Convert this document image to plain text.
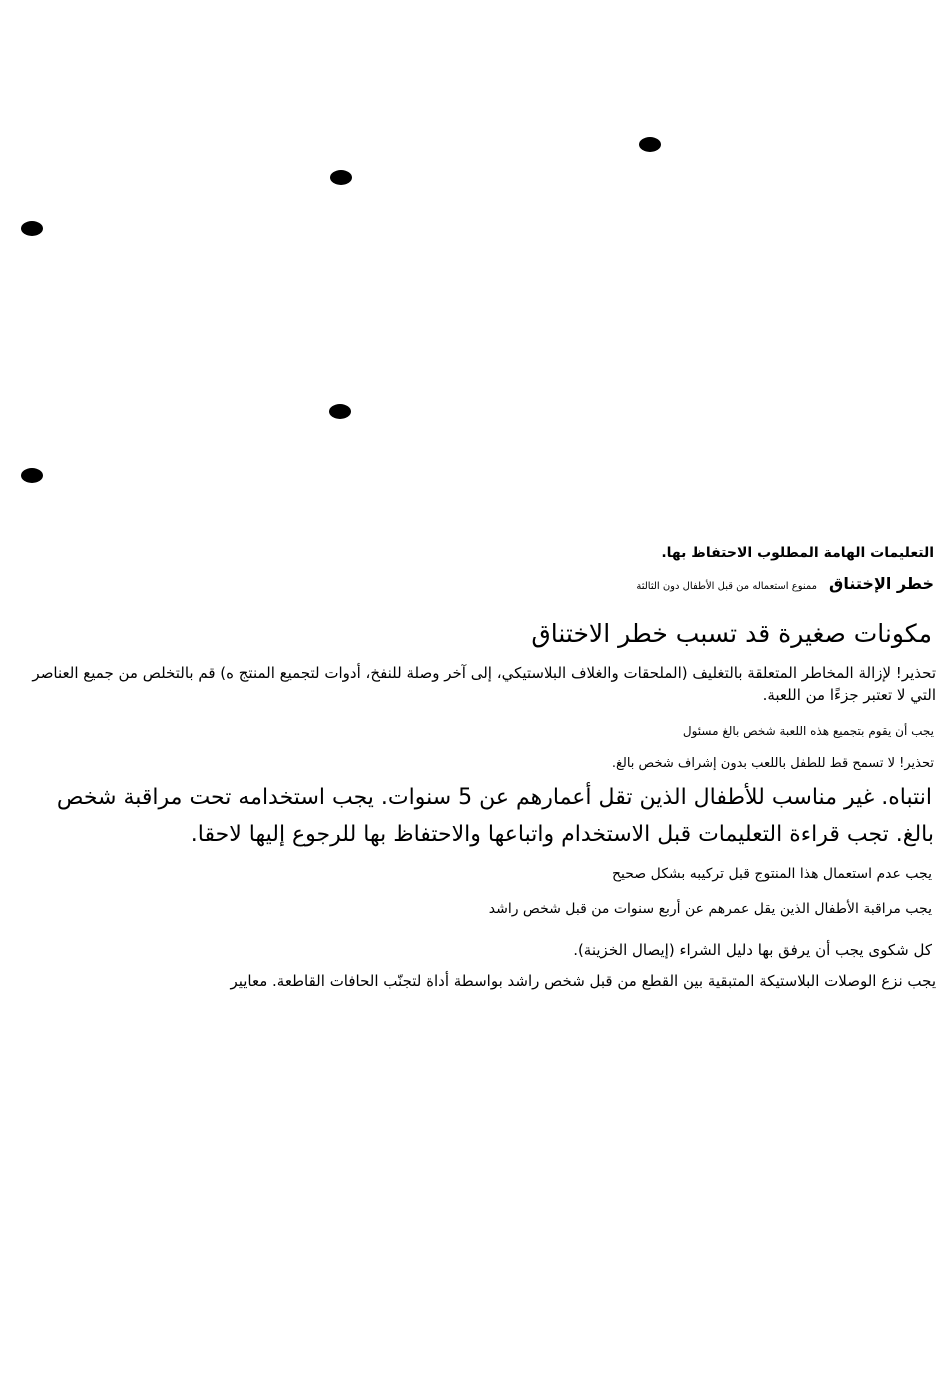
التعليمات الهامة المطلوب الاحتفاظ بها.
خطر الإختناق
ممنوع استعماله من قبل الأطفال دون الثالثة
مكونات صغيرة قد تسبب خطر الاختناق
تحذير! لإزالة المخاطر المتعلقة بالتغليف (الملحقات والغلاف البلاستيكي، إلى آخر وصلة للنفخ، أدوات لتجميع المنتج ه) قم بالتخلص من جميع العناصر التي لا تعتبر جزءًا من اللعبة.
يجب أن يقوم بتجميع هذه اللعبة شخص بالغ مسئول
تحذير! لا تسمح قط للطفل باللعب بدون إشراف شخص بالغ.
انتباه. غير مناسب للأطفال الذين تقل أعمارهم عن 5 سنوات. يجب استخدامه تحت مراقبة شخص
بالغ. تجب قراءة التعليمات قبل الاستخدام واتباعها والاحتفاظ بها للرجوع إليها لاحقا.
يجب عدم استعمال هذا المنتوج قبل تركيبه بشكل صحيح
يجب مراقبة الأطفال الذين يقل عمرهم عن أربع سنوات من قبل شخص راشد
كل شكوى يجب أن يرفق بها دليل الشراء (إيصال الخزينة).
يجب نزع الوصلات البلاستيكة المتبقية بين القطع من قبل شخص راشد بواسطة أداة لتجنّب الحافات القاطعة. معايير
